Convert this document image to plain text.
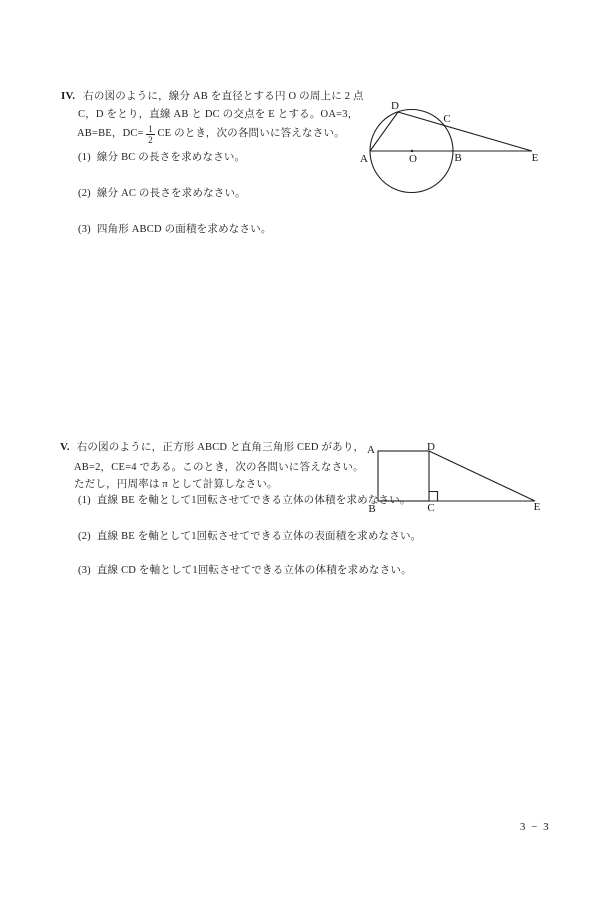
IV. 右の図のように，線分 AB を直径とする円 O の周上に 2 点
C，D をとり，直線 AB と DC の交点を E とする。OA=3，
AB=BE，$DC= \frac{1}{2}$ CE のとき，次の各問いに答えなさい。
(1) 線分 BC の長さを求めなさい。
(2) 線分 AC の長さを求めなさい。
(3) 四角形 ABCD の面積を求めなさい。
A	O	B	E
D
C
V. 右の図のように，正方形 ABCD と直角三角形 CED があり，
AB=2，CE=4 である。このとき，次の各問いに答えなさい。
ただし，円周率は π として計算しなさい。
(1) 直線 BE を軸として1回転させてできる立体の体積を求めなさい。
(2) 直線 BE を軸として1回転させてできる立体の表面積を求めなさい。
(3) 直線 CD を軸として1回転させてできる立体の体積を求めなさい。
A	D
B	C	E
3 − 3
